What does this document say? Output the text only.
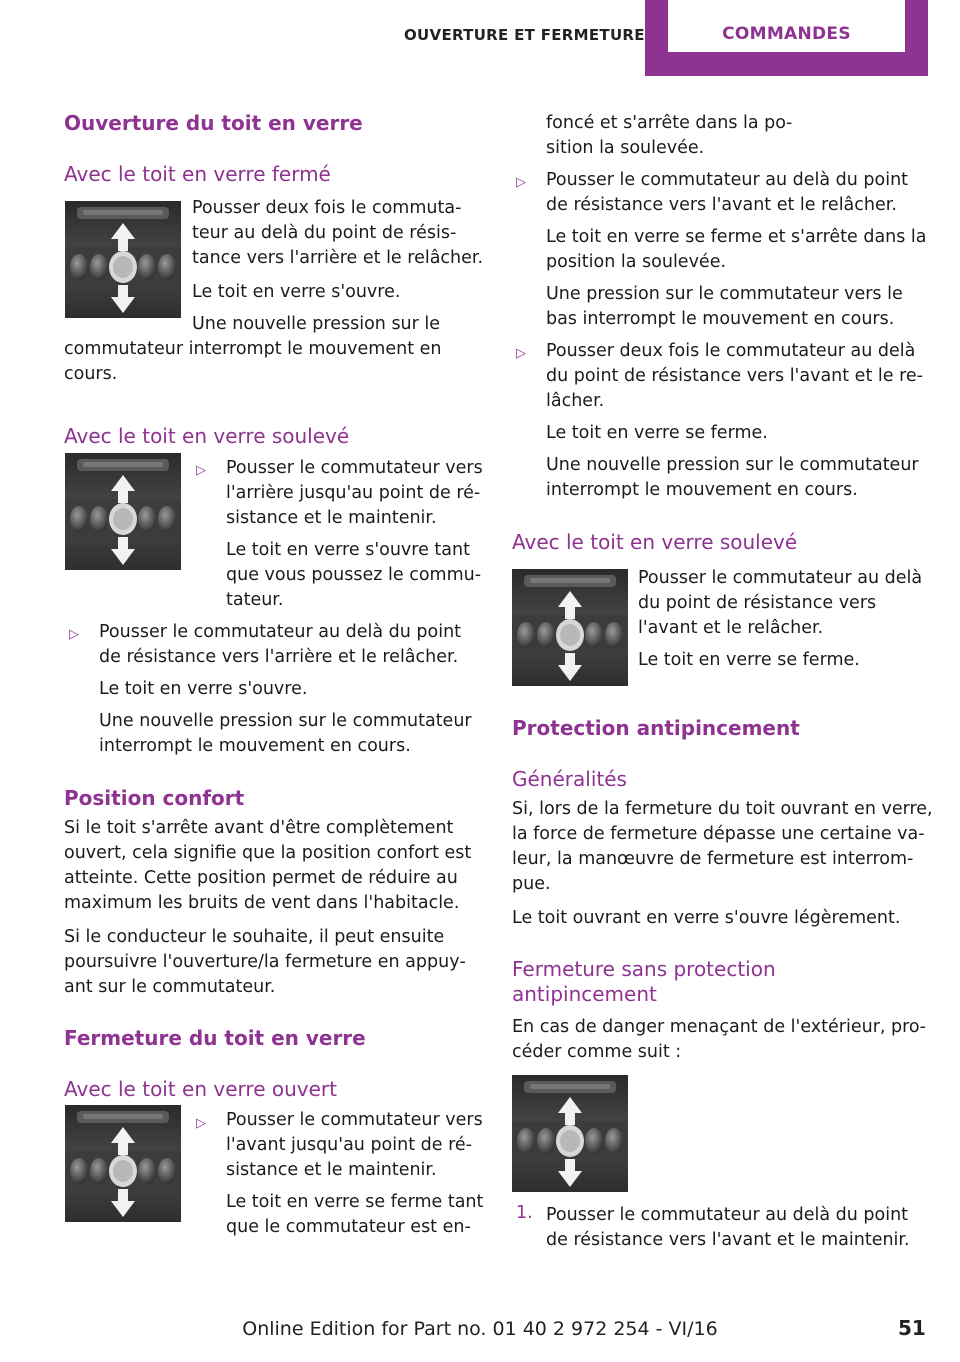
OUVERTURE ET FERMETURE	COMMANDES
Ouverture du toit en verre
Avec le toit en verre fermé
Pousser deux fois le commuta‐
teur au delà du point de résis‐
tance vers l'arrière et le relâcher.
Le toit en verre s'ouvre.
Une nouvelle pression sur le
commutateur interrompt le mouvement en
cours.
Avec le toit en verre soulevé
▷ Pousser le commutateur vers
l'arrière jusqu'au point de ré‐
sistance et le maintenir.
Le toit en verre s'ouvre tant
que vous poussez le commu‐
tateur.
▷ Pousser le commutateur au delà du point
de résistance vers l'arrière et le relâcher.
Le toit en verre s'ouvre.
Une nouvelle pression sur le commutateur
interrompt le mouvement en cours.
Position confort
Si le toit s'arrête avant d'être complètement
ouvert, cela signifie que la position confort est
atteinte. Cette position permet de réduire au
maximum les bruits de vent dans l'habitacle.
Si le conducteur le souhaite, il peut ensuite
poursuivre l'ouverture/la fermeture en appuy‐
ant sur le commutateur.
Fermeture du toit en verre
Avec le toit en verre ouvert
▷ Pousser le commutateur vers
l'avant jusqu'au point de ré‐
sistance et le maintenir.
Le toit en verre se ferme tant
que le commutateur est en‐
foncé et s'arrête dans la po‐
sition la soulevée.
▷ Pousser le commutateur au delà du point
de résistance vers l'avant et le relâcher.
Le toit en verre se ferme et s'arrête dans la
position la soulevée.
Une pression sur le commutateur vers le
bas interrompt le mouvement en cours.
▷ Pousser deux fois le commutateur au delà
du point de résistance vers l'avant et le re‐
lâcher.
Le toit en verre se ferme.
Une nouvelle pression sur le commutateur
interrompt le mouvement en cours.
Avec le toit en verre soulevé
Pousser le commutateur au delà
du point de résistance vers
l'avant et le relâcher.
Le toit en verre se ferme.
Protection antipincement
Généralités
Si, lors de la fermeture du toit ouvrant en verre,
la force de fermeture dépasse une certaine va‐
leur, la manœuvre de fermeture est interrom‐
pue.
Le toit ouvrant en verre s'ouvre légèrement.
Fermeture sans protection
antipincement
En cas de danger menaçant de l'extérieur, pro‐
céder comme suit :
1. Pousser le commutateur au delà du point
de résistance vers l'avant et le maintenir.
Online Edition for Part no. 01 40 2 972 254 - VI/16	51
